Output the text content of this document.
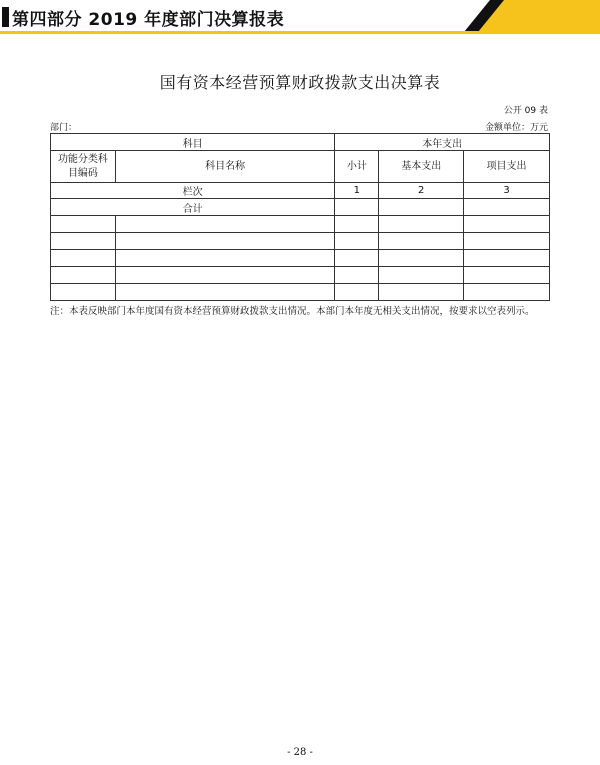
第四部分 2019 年度部门决算报表
国有资本经营预算财政拨款支出决算表
公开 09 表
部门：	金额单位：万元
科目		本年支出		
功能分类科目编码	科目名称	小计	基本支出	项目支出
栏次		1	2	3
合计				

注：本表反映部门本年度国有资本经营预算财政拨款支出情况。本部门本年度无相关支出情况，按要求以空表列示。
- 28 -
